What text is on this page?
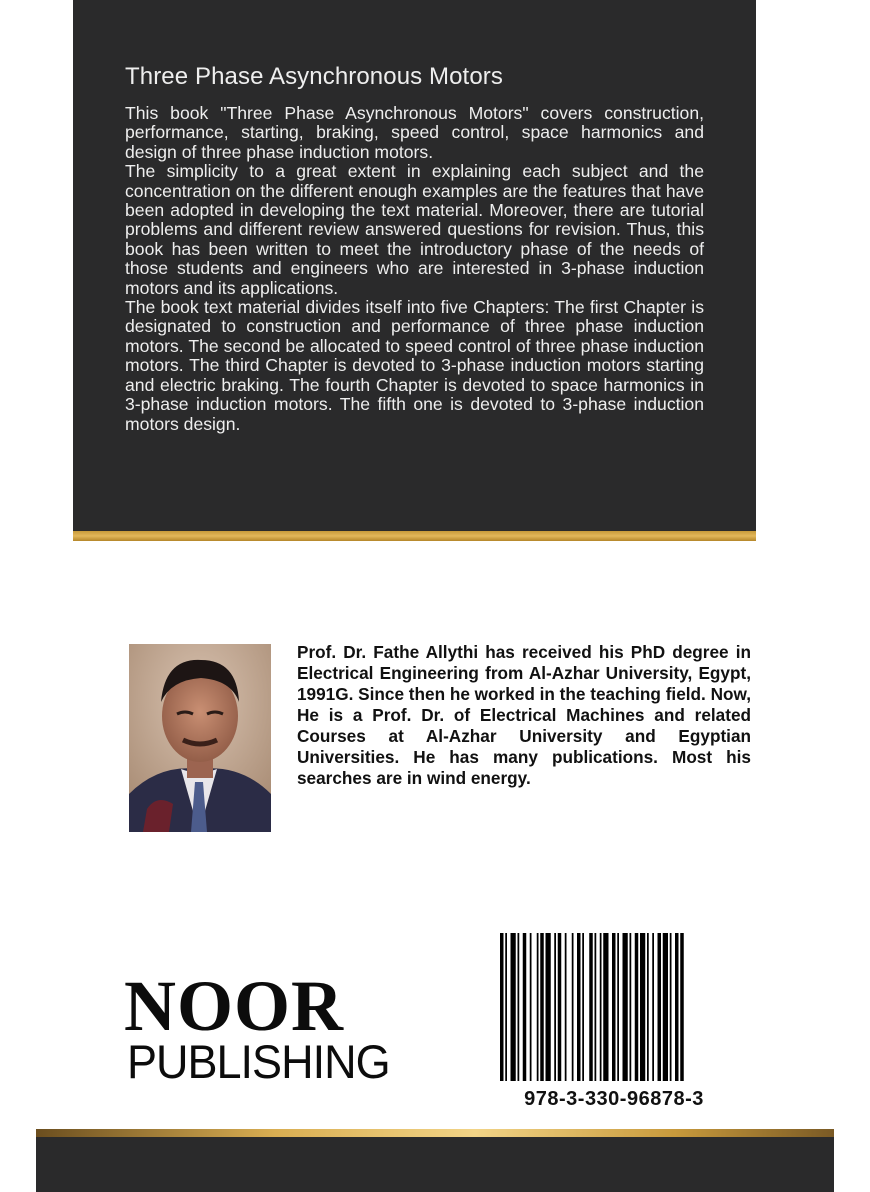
Three Phase Asynchronous Motors

This book "Three Phase Asynchronous Motors" covers construction, performance, starting, braking, speed control, space harmonics and design of three phase induction motors.

The simplicity to a great extent in explaining each subject and the concentration on the different enough examples are the features that have been adopted in developing the text material. Moreover, there are tutorial problems and different review answered questions for revision. Thus, this book has been written to meet the introductory phase of the needs of those students and engineers who are interested in 3-phase induction motors and its applications.

The book text material divides itself into five Chapters: The first Chapter is designated to construction and performance of three phase induction motors. The second be allocated to speed control of three phase induction motors. The third Chapter is devoted to 3-phase induction motors starting and electric braking. The fourth Chapter is devoted to space harmonics in 3-phase induction motors. The fifth one is devoted to 3-phase induction motors design.

Prof. Dr. Fathe Allythi has received his PhD degree in Electrical Engineering from Al-Azhar University, Egypt, 1991G. Since then he worked in the teaching field. Now, He is a Prof. Dr. of Electrical Machines and related Courses at Al-Azhar University and Egyptian Universities. He has many publications. Most his searches are in wind energy.
NOOR
PUBLISHING
978-3-330-96878-3
